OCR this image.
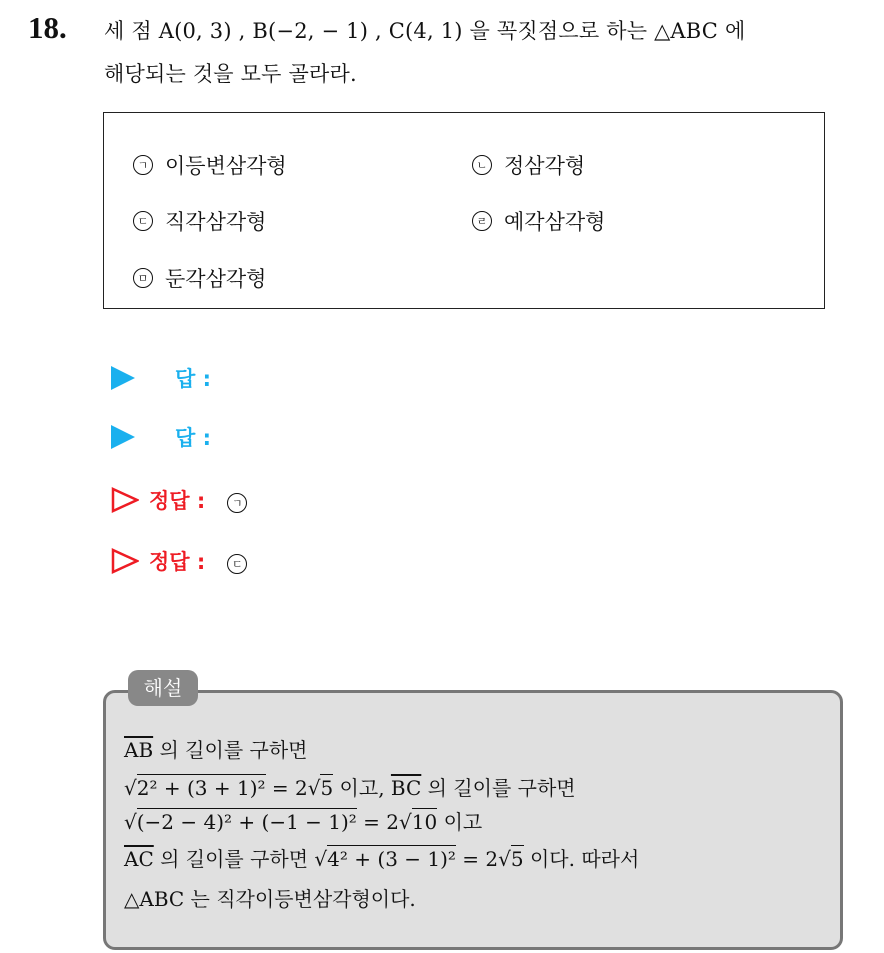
18. 세 점 A(0, 3) , B(−2, − 1) , C(4, 1) 을 꼭짓점으로 하는 △ABC 에
해당되는 것을 모두 골라라.
ㄱ 이등변삼각형	ㄴ 정삼각형
ㄷ 직각삼각형	ㄹ 예각삼각형
ㅁ 둔각삼각형
답 :
답 :
정답 :	ㄱ
정답 :	ㄷ
해설
$\overline{AB}$ 의 길이를 구하면
√2² + (3 + 1)² = 2√5 이고, $\overline{BC}$ 의 길이를 구하면
√(−2 − 4)² + (−1 − 1)² = 2√10 이고
$\overline{AC}$ 의 길이를 구하면 √4² + (3 − 1)² = 2√5 이다. 따라서
△ABC 는 직각이등변삼각형이다.
